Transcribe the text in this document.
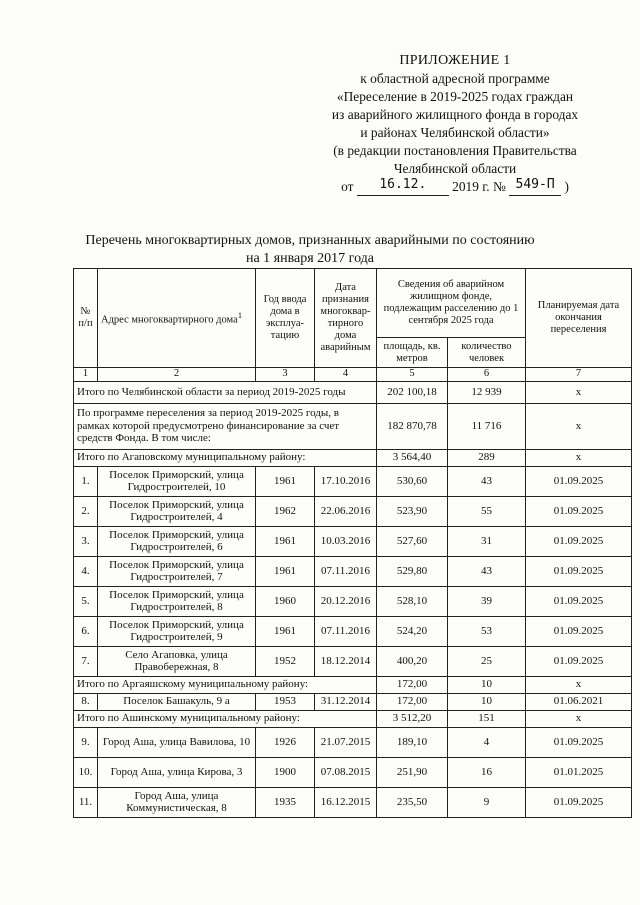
ПРИЛОЖЕНИЕ 1
к областной адресной программе
«Переселение в 2019-2025 годах граждан
из аварийного жилищного фонда в городах
и районах Челябинской области»
(в редакции постановления Правительства
Челябинской области
от 16.12. 2019 г. № 549-П )
Перечень многоквартирных домов, признанных аварийными по состоянию
на 1 января 2017 года
№ п/п	Адрес многоквартирного дома$^1$	Год ввода дома в эксплуа-тацию	Дата признания многоквар-тирного дома аварийным	Сведения об аварийном жилищном фонде, подлежащим расселению до 1 сентября 2025 года		Планируемая дата окончания переселения
				площадь, кв. метров	количество человек	
1	2	3	4	5	6	7
Итого по Челябинской области за период 2019-2025 годы				202 100,18	12 939	х
По программе переселения за период 2019-2025 годы, в рамках которой предусмотрено финансирование за счет средств Фонда. В том числе:				182 870,78	11 716	х
Итого по Агаповскому муниципальному району:				3 564,40	289	х
1.	Поселок Приморский, улица Гидростроителей, 10	1961	17.10.2016	530,60	43	01.09.2025
2.	Поселок Приморский, улица Гидростроителей, 4	1962	22.06.2016	523,90	55	01.09.2025
3.	Поселок Приморский, улица Гидростроителей, 6	1961	10.03.2016	527,60	31	01.09.2025
4.	Поселок Приморский, улица Гидростроителей, 7	1961	07.11.2016	529,80	43	01.09.2025
5.	Поселок Приморский, улица Гидростроителей, 8	1960	20.12.2016	528,10	39	01.09.2025
6.	Поселок Приморский, улица Гидростроителей, 9	1961	07.11.2016	524,20	53	01.09.2025
7.	Село Агаповка, улица Правобережная, 8	1952	18.12.2014	400,20	25	01.09.2025
Итого по Аргаяшскому муниципальному району:				172,00	10	х
8.	Поселок Башакуль, 9 а	1953	31.12.2014	172,00	10	01.06.2021
Итого по Ашинскому муниципальному району:				3 512,20	151	х
9.	Город Аша, улица Вавилова, 10	1926	21.07.2015	189,10	4	01.09.2025
10.	Город Аша, улица Кирова, 3	1900	07.08.2015	251,90	16	01.01.2025
11.	Город Аша, улица Коммунистическая, 8	1935	16.12.2015	235,50	9	01.09.2025
